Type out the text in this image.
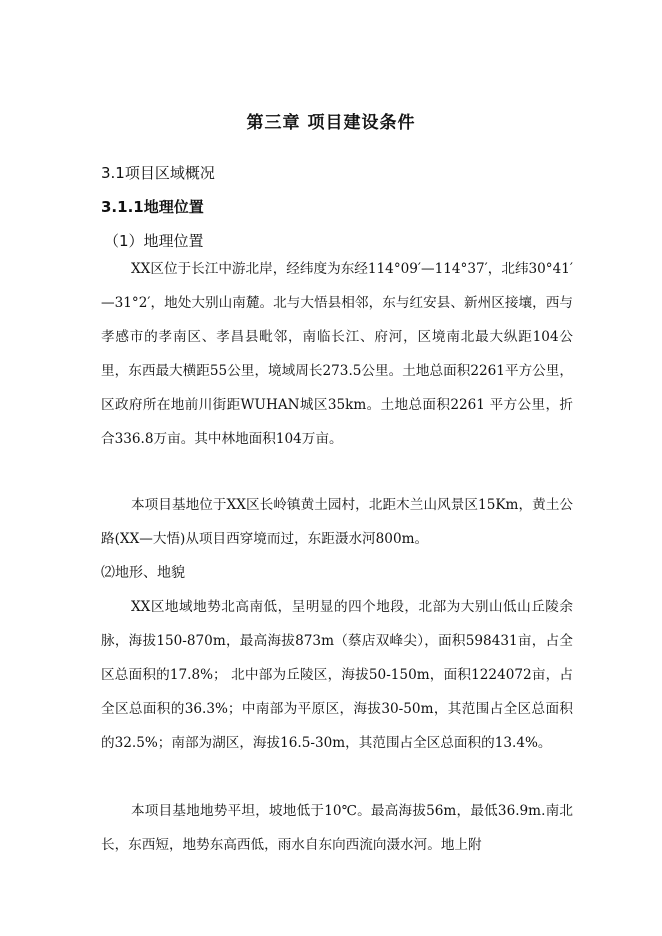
第三章 项目建设条件
3.1项目区域概况
3.1.1地理位置
（1）地理位置

XX区位于长江中游北岸，经纬度为东经114°09′—114°37′，北纬30°41′—31°2′，地处大别山南麓。北与大悟县相邻，东与红安县、新州区接壤，西与孝感市的孝南区、孝昌县毗邻，南临长江、府河，区境南北最大纵距104公里，东西最大横距55公里，境域周长273.5公里。土地总面积2261平方公里，区政府所在地前川街距WUHAN城区35km。土地总面积2261 平方公里，折合336.8万亩。其中林地面积104万亩。

本项目基地位于XX区长岭镇黄土园村，北距木兰山风景区15Km，黄土公路(XX—大悟)从项目西穿境而过，东距滠水河800m。

⑵地形、地貌

XX区地域地势北高南低，呈明显的四个地段，北部为大别山低山丘陵余脉，海拔150-870m，最高海拔873m（蔡店双峰尖），面积598431亩，占全区总面积的17.8%； 北中部为丘陵区，海拔50-150m，面积1224072亩，占全区总面积的36.3%；中南部为平原区，海拔30-50m，其范围占全区总面积的32.5%；南部为湖区，海拔16.5-30m，其范围占全区总面积的13.4%。

本项目基地地势平坦，坡地低于10℃。最高海拔56m，最低36.9m.南北长，东西短，地势东高西低，雨水自东向西流向滠水河。地上附
